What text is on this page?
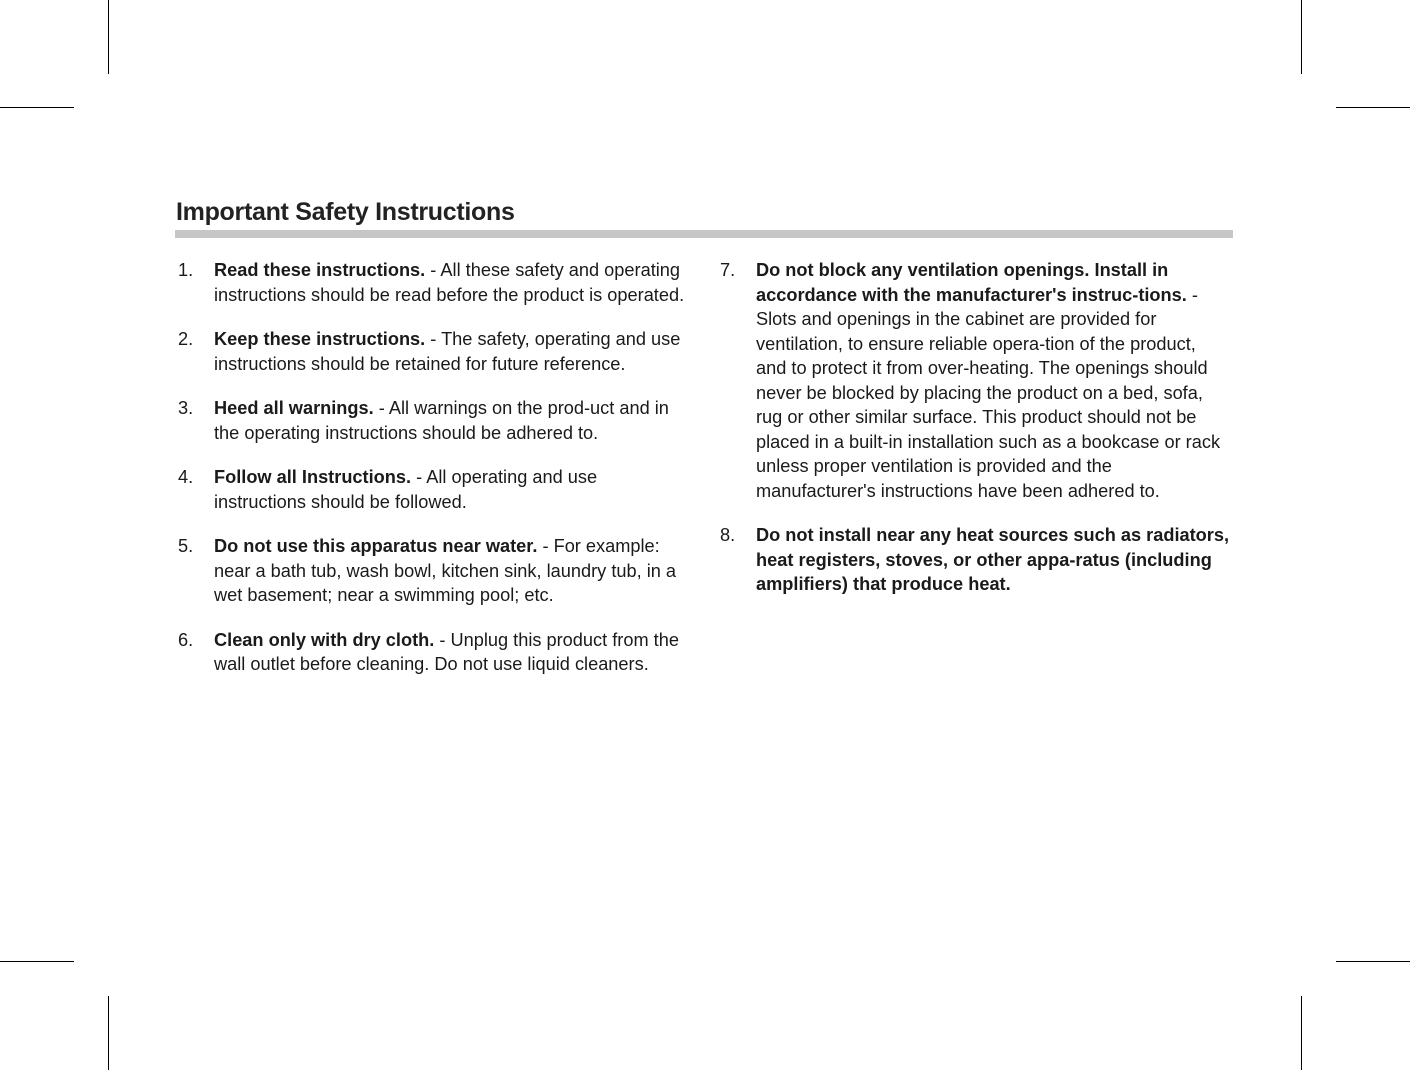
Important Safety Instructions
1. Read these instructions. - All these safety and operating instructions should be read before the product is operated.
2. Keep these instructions. - The safety, operating and use instructions should be retained for future reference.
3. Heed all warnings. - All warnings on the prod-uct and in the operating instructions should be adhered to.
4. Follow all Instructions. - All operating and use instructions should be followed.
5. Do not use this apparatus near water. - For example: near a bath tub, wash bowl, kitchen sink, laundry tub, in a wet basement; near a swimming pool; etc.
6. Clean only with dry cloth. - Unplug this product from the wall outlet before cleaning. Do not use liquid cleaners.
7. Do not block any ventilation openings. Install in accordance with the manufacturer's instruc-tions. - Slots and openings in the cabinet are provided for ventilation, to ensure reliable opera-tion of the product, and to protect it from over-heating. The openings should never be blocked by placing the product on a bed, sofa, rug or other similar surface. This product should not be placed in a built-in installation such as a bookcase or rack unless proper ventilation is provided and the manufacturer's instructions have been adhered to.
8. Do not install near any heat sources such as radiators, heat registers, stoves, or other appa-ratus (including amplifiers) that produce heat.
